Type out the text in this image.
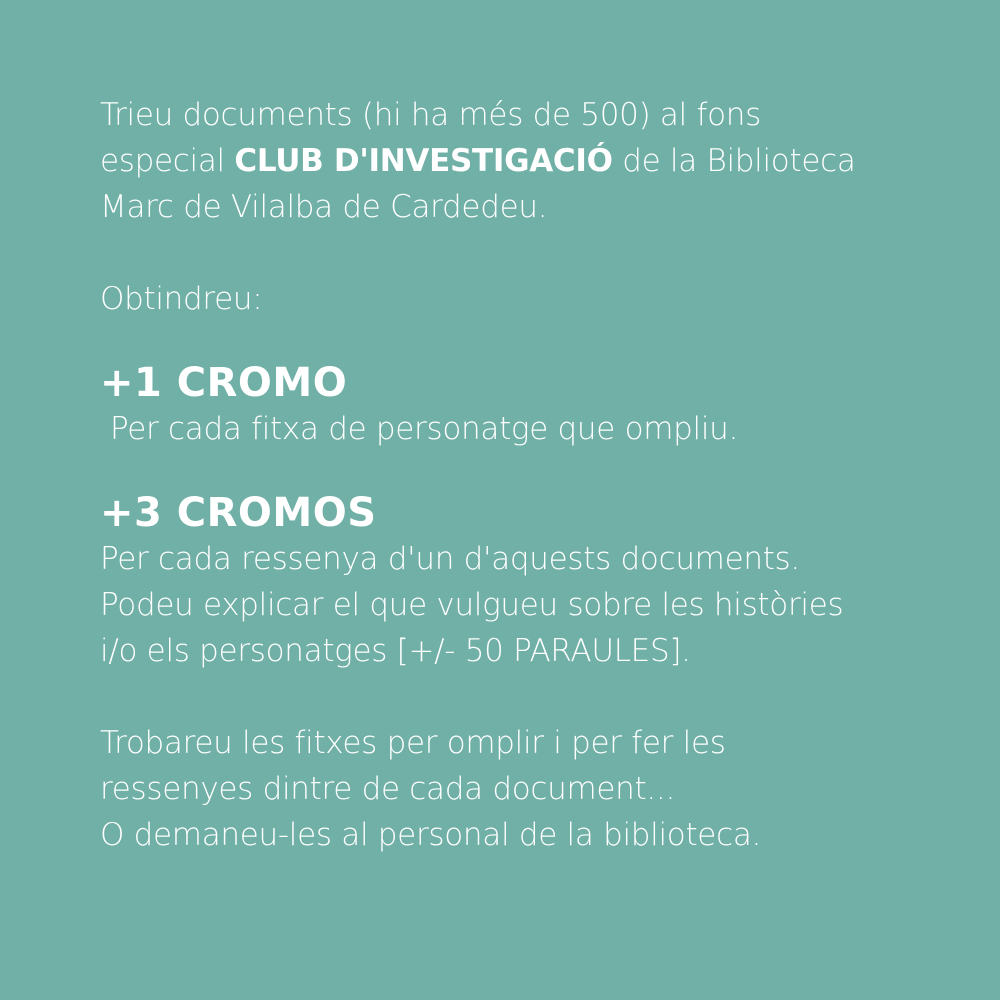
Trieu documents (hi ha més de 500) al fons
especial CLUB D'INVESTIGACIÓ de la Biblioteca
Marc de Vilalba de Cardedeu.

Obtindreu:

+1 CROMO

Per cada fitxa de personatge que ompliu.

+3 CROMOS

Per cada ressenya d'un d'aquests documents.
Podeu explicar el que vulgueu sobre les històries
i/o els personatges [+/- 50 PARAULES].

Trobareu les fitxes per omplir i per fer les
ressenyes dintre de cada document...
O demaneu-les al personal de la biblioteca.
